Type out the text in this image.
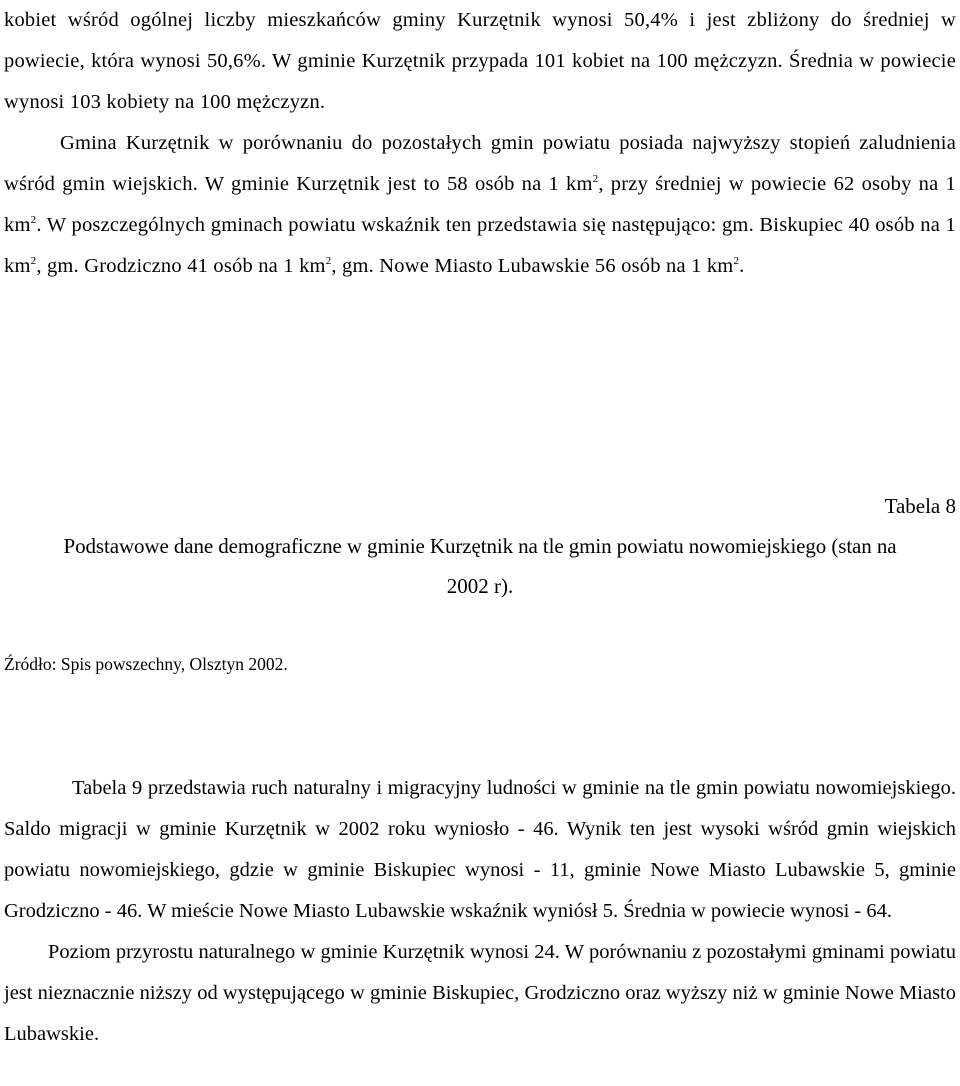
kobiet wśród ogólnej liczby mieszkańców gminy Kurzętnik wynosi 50,4% i jest zbliżony do średniej w powiecie, która wynosi 50,6%. W gminie Kurzętnik przypada 101 kobiet na 100 mężczyzn. Średnia w powiecie wynosi 103 kobiety na 100 mężczyzn.

Gmina Kurzętnik w porównaniu do pozostałych gmin powiatu posiada najwyższy stopień zaludnienia wśród gmin wiejskich. W gminie Kurzętnik jest to 58 osób na 1 $km^2$, przy średniej w powiecie 62 osoby na 1 $km^2$. W poszczególnych gminach powiatu wskaźnik ten przedstawia się następująco: gm. Biskupiec 40 osób na 1 $km^2$, gm. Grodziczno 41 osób na 1 $km^2$, gm. Nowe Miasto Lubawskie 56 osób na 1 $km^2$.

Tabela 8

Podstawowe dane demograficzne w gminie Kurzętnik na tle gmin powiatu nowomiejskiego (stan na

2002 r).

Źródło: Spis powszechny, Olsztyn 2002.

Tabela 9 przedstawia ruch naturalny i migracyjny ludności w gminie na tle gmin powiatu nowomiejskiego. Saldo migracji w gminie Kurzętnik w 2002 roku wyniosło - 46. Wynik ten jest wysoki wśród gmin wiejskich powiatu nowomiejskiego, gdzie w gminie Biskupiec wynosi - 11, gminie Nowe Miasto Lubawskie 5, gminie Grodziczno - 46. W mieście Nowe Miasto Lubawskie wskaźnik wyniósł 5. Średnia w powiecie wynosi - 64.

Poziom przyrostu naturalnego w gminie Kurzętnik wynosi 24. W porównaniu z pozostałymi gminami powiatu jest nieznacznie niższy od występującego w gminie Biskupiec, Grodziczno oraz wyższy niż w gminie Nowe Miasto Lubawskie.
